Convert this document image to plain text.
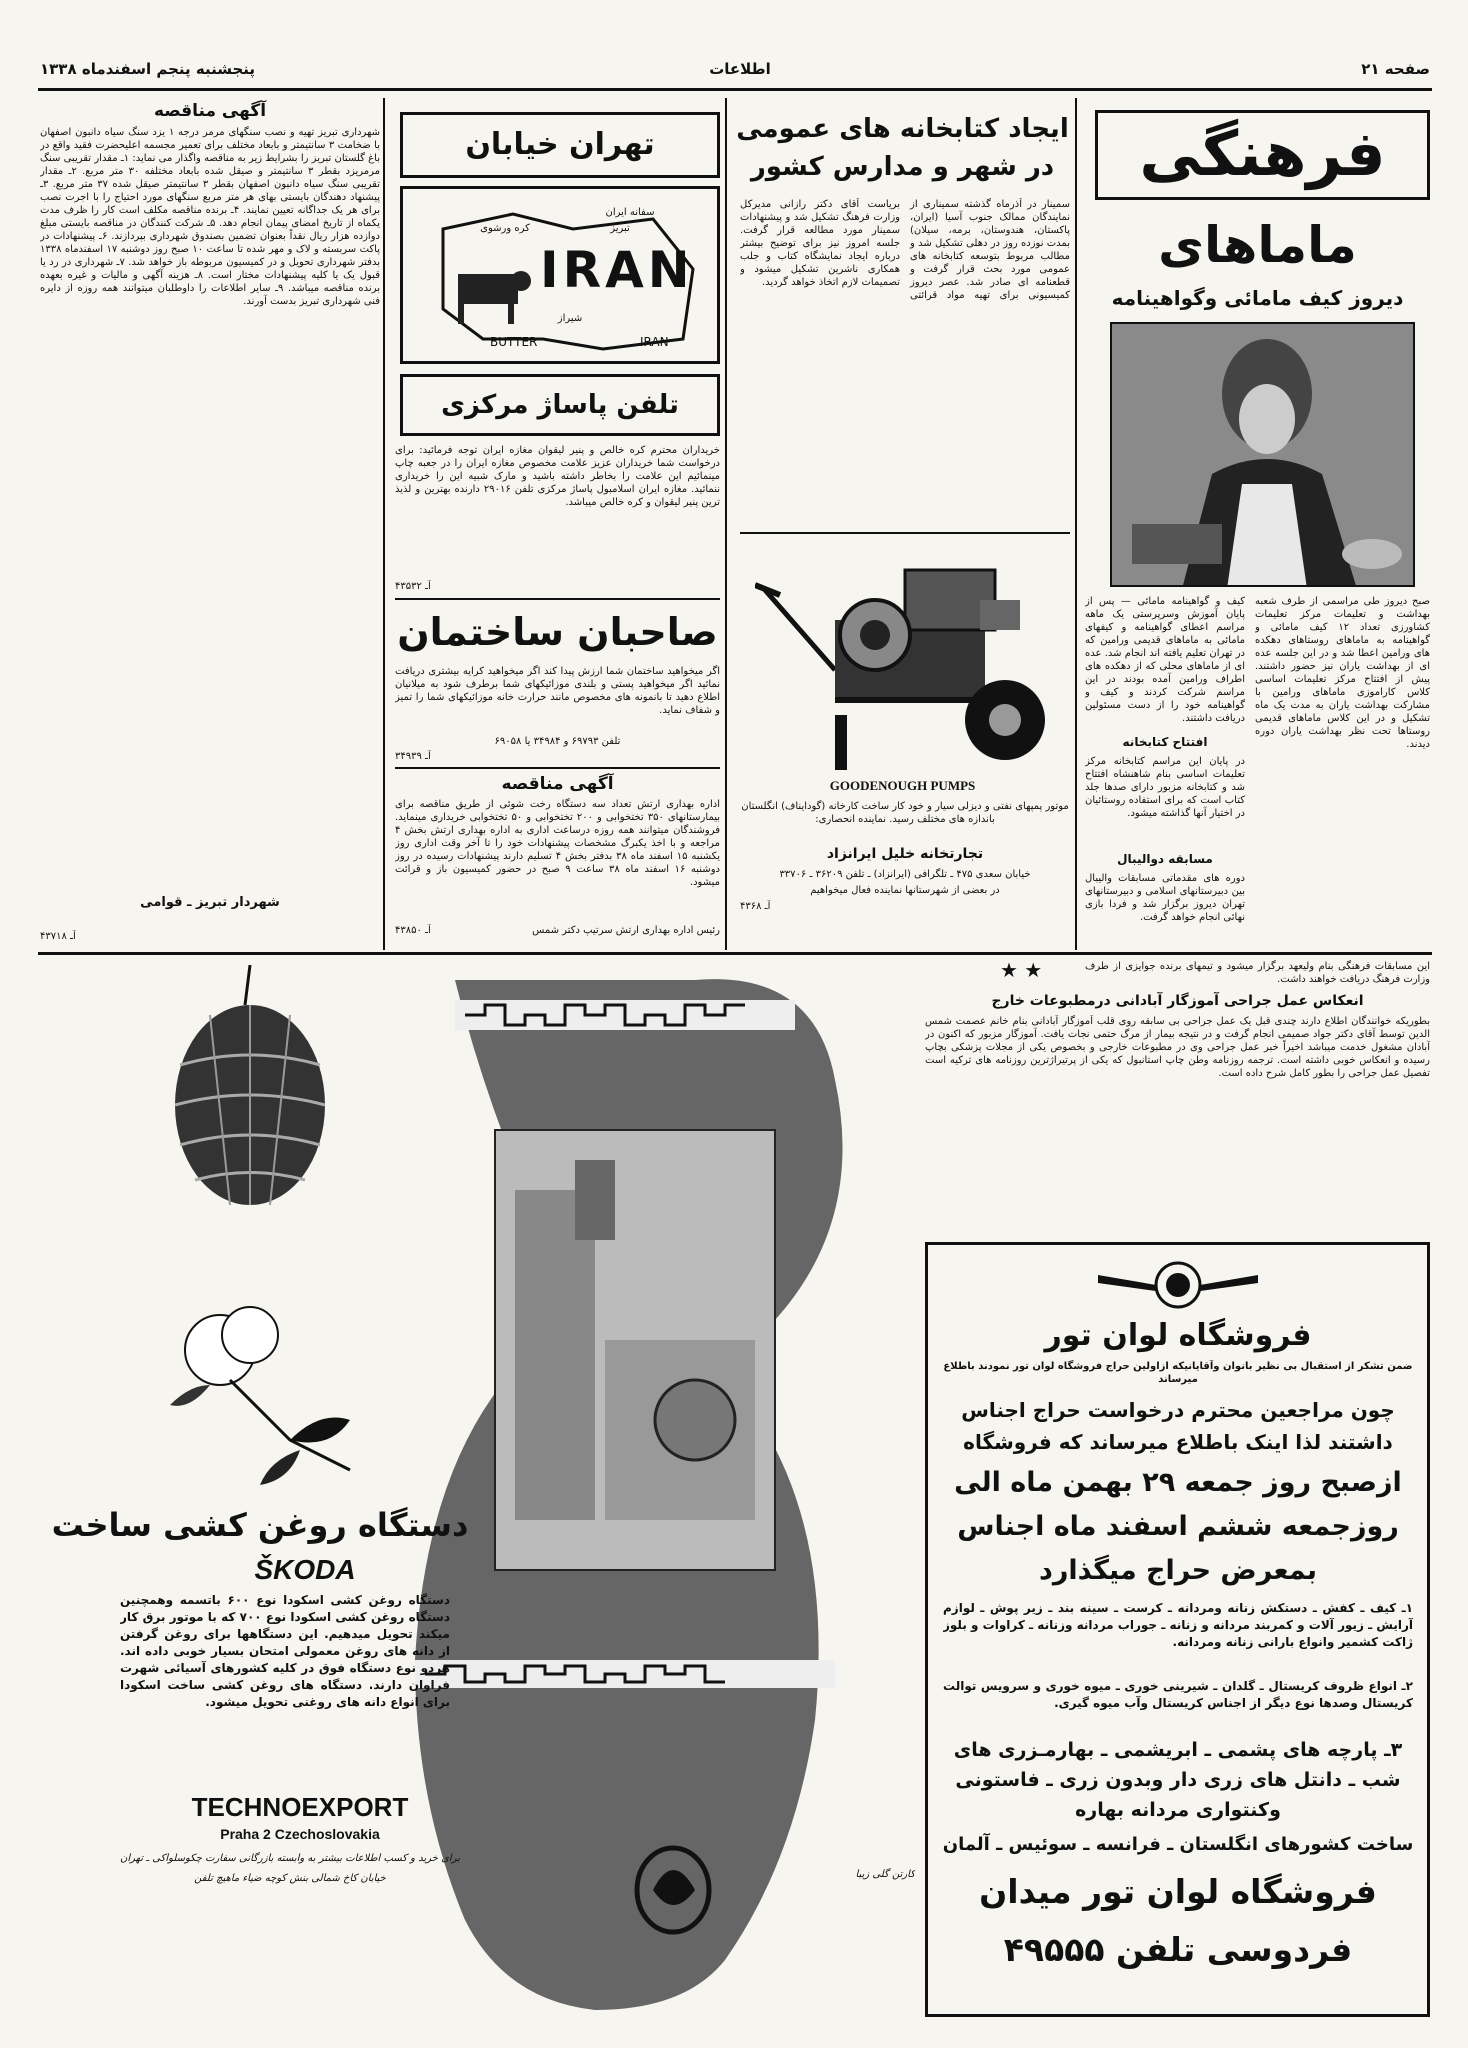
صفحه ۲۱
اطلاعات
پنجشنبه پنجم اسفندماه ۱۳۳۸
فرهنگی
ماماهای
دیروز کیف مامائی وگواهینامه
کیف و گواهینامه مامائی — پس از پایان آموزش وسرپرستی یک ماهه مراسم اعطای گواهینامه و کیفهای مامائی به ماماهای قدیمی ورامین که در تهران تعلیم یافته اند انجام شد. عده ای از ماماهای محلی که از دهکده های اطراف ورامین آمده بودند در این مراسم شرکت کردند و کیف و گواهینامه خود را از دست مسئولین دریافت داشتند.
صبح دیروز طی مراسمی از طرف شعبه بهداشت و تعلیمات مرکز تعلیمات کشاورزی تعداد ۱۲ کیف مامائی و گواهینامه به ماماهای روستاهای دهکده های ورامین اعطا شد و در این جلسه عده ای از بهداشت یاران نیز حضور داشتند. پیش از افتتاح مرکز تعلیمات اساسی کلاس کاراموزی ماماهای ورامین با مشارکت بهداشت یاران به مدت یک ماه تشکیل و در این کلاس ماماهای قدیمی روستاها تحت نظر بهداشت یاران دوره دیدند.
این مسابقات فرهنگی بنام ولیعهد برگزار میشود و تیمهای برنده جوایزی از طرف وزارت فرهنگ دریافت خواهند داشت.
ایجاد کتابخانه های عمومی در شهر و مدارس کشور
سمینار در آذرماه گذشته سمیناری از نمایندگان ممالک جنوب آسیا (ایران، پاکستان، هندوستان، برمه، سیلان) بمدت نوزده روز در دهلی تشکیل شد و مطالب مربوط بتوسعه کتابخانه های عمومی مورد بحث قرار گرفت و قطعنامه ای صادر شد. عصر دیروز کمیسیونی برای تهیه مواد قرائتی بریاست آقای دکتر رازانی مدیرکل وزارت فرهنگ تشکیل شد و پیشنهادات سمینار مورد مطالعه قرار گرفت. جلسه امروز نیز برای توضیح بیشتر درباره ایجاد نمایشگاه کتاب و جلب همکاری ناشرین تشکیل میشود و تصمیمات لازم اتخاذ خواهد گردید.
افتتاح کتابخانه
در پایان این مراسم کتابخانه مرکز تعلیمات اساسی بنام شاهنشاه افتتاح شد و کتابخانه مزبور دارای صدها جلد کتاب است که برای استفاده روستائیان در اختیار آنها گذاشته میشود.
مسابقه دوالیبال
دوره های مقدماتی مسابقات والیبال بین دبیرستانهای اسلامی و دبیرستانهای تهران دیروز برگزار شد و فردا بازی نهائی انجام خواهد گرفت.
GOODENOUGH PUMPS
موتور پمپهای نفتی و دیزلی سیار و خود کار ساخت کارخانه (گودایناف) انگلستان باندازه های مختلف رسید. نماینده انحصاری:
تجارتخانه خلیل ایرانزاد
خیابان سعدی ۴۷۵ ـ تلگرافی (ایرانزاد) ـ تلفن ۳۶۲۰۹ ـ ۳۳۷۰۶
در بعضی از شهرستانها نماینده فعال میخواهیم
آـ ۴۳۶۸
تهران خیابان
IRAN
BUTTER	IRAN
سفانه ایران
کره ورشوی	تبریز
شیراز
تلفن پاساژ مرکزی
خریداران محترم کره خالص و پنیر لیقوان مغازه ایران توجه فرمائید: برای درخواست شما خریداران عزیز علامت مخصوص مغازه ایران را در جعبه چاپ مینمائیم این علامت را بخاطر داشته باشید و مارک شبیه این را خریداری ننمائید. مغازه ایران اسلامبول پاساژ مرکزی تلفن ۲۹۰۱۶ دارنده بهترین و لذیذ ترین پنیر لیقوان و کره خالص میباشد.
آـ ۴۳۵۳۲
صاحبان ساختمان
اگر میخواهید ساختمان شما ارزش پیدا کند اگر میخواهید کرایه بیشتری دریافت نمائید اگر میخواهید پستی و بلندی موزائیکهای شما برطرف شود به میلانیان اطلاع دهید تا بانمونه های مخصوص مانند حرارت خانه موزائیکهای شما را تمیز و شفاف نماید.
تلفن ۶۹۷۹۳ و ۳۴۹۸۴ یا ۶۹۰۵۸
آـ ۳۴۹۳۹
آگهی مناقصه
اداره بهداری ارتش تعداد سه دستگاه رخت شوئی از طریق مناقصه برای بیمارستانهای ۳۵۰ تختخوابی و ۲۰۰ تختخوابی و ۵۰ تختخوابی خریداری مینماید. فروشندگان میتوانند همه روزه درساعت اداری به اداره بهداری ارتش بخش ۴ مراجعه و با اخذ یکبرگ مشخصات پیشنهادات خود را تا آخر وقت اداری روز یکشنبه ۱۵ اسفند ماه ۳۸ بدفتر بخش ۴ تسلیم دارند پیشنهادات رسیده در روز دوشنبه ۱۶ اسفند ماه ۳۸ ساعت ۹ صبح در حضور کمیسیون باز و قرائت میشود.
آـ ۴۳۸۵۰	رئیس اداره بهداری ارتش سرتیپ دکتر شمس
آگهی مناقصه
شهرداری تبریز تهیه و نصب سنگهای مرمر درجه ۱ یزد سنگ سیاه دانبون اصفهان با ضخامت ۳ سانتیمتر و بابعاد مختلف برای تعمیر مجسمه اعلیحضرت فقید واقع در باغ گلستان تبریز را بشرایط زیر به مناقصه واگذار می نماید: ۱ـ مقدار تقریبی سنگ مرمریزد بقطر ۳ سانتیمتر و صیقل شده بابعاد مختلفه ۳۰ متر مربع. ۲ـ مقدار تقریبی سنگ سیاه دانبون اصفهان بقطر ۳ سانتیمتر صیقل شده ۳۷ متر مربع. ۳ـ پیشنهاد دهندگان بایستی بهای هر متر مربع سنگهای مورد احتیاج را با اجرت نصب برای هر یک جداگانه تعیین نمایند. ۴ـ برنده مناقصه مکلف است کار را ظرف مدت یکماه از تاریخ امضای پیمان انجام دهد. ۵ـ شرکت کنندگان در مناقصه بایستی مبلغ دوازده هزار ریال نقداً بعنوان تضمین بصندوق شهرداری بپردازند. ۶ـ پیشنهادات در پاکت سربسته و لاک و مهر شده تا ساعت ۱۰ صبح روز دوشنبه ۱۷ اسفندماه ۱۳۳۸ بدفتر شهرداری تحویل و در کمیسیون مربوطه باز خواهد شد. ۷ـ شهرداری در رد یا قبول یک یا کلیه پیشنهادات مختار است. ۸ـ هزینه آگهی و مالیات و غیره بعهده برنده مناقصه میباشد. ۹ـ سایر اطلاعات را داوطلبان میتوانند همه روزه از دایره فنی شهرداری تبریز بدست آورند.
شهردار تبریز ـ قوامی
آـ ۴۳۷۱۸
★ ★
انعکاس عمل جراحی آموزگار آبادانی درمطبوعات خارج
بطوریکه خوانندگان اطلاع دارند چندی قبل یک عمل جراحی بی سابقه روی قلب آموزگار آبادانی بنام خانم عصمت شمس الدین توسط آقای دکتر جواد صمیمی انجام گرفت و در نتیجه بیمار از مرگ حتمی نجات یافت. آموزگار مزبور که اکنون در آبادان مشغول خدمت میباشد اخیراً خبر عمل جراحی وی در مطبوعات خارجی و بخصوص یکی از مجلات پزشکی بچاپ رسیده و انعکاس خوبی داشته است. ترجمه روزنامه وطن چاپ استانبول که یکی از پرتیراژترین روزنامه های ترکیه است تفصیل عمل جراحی را بطور کامل شرح داده است.
فروشگاه لوان تور
ضمن تشکر از استقبال بی نظیر بانوان وآقایانیکه ازاولین حراج فروشگاه لوان تور نمودند باطلاع میرساند
چون مراجعین محترم درخواست حراج اجناس
داشتند لذا اینک باطلاع میرساند که فروشگاه
ازصبح روز جمعه ۲۹ بهمن ماه الی
روزجمعه ششم اسفند ماه اجناس
بمعرض حراج میگذارد
۱ـ کیف ـ کفش ـ دستکش زنانه ومردانه ـ کرست ـ سینه بند ـ زیر پوش ـ لوازم آرایش ـ زیور آلات و کمربند مردانه و زنانه ـ جوراب مردانه وزنانه ـ کراوات و بلوز ژاکت کشمیر وانواع بارانی زنانه ومردانه.
۲ـ انواع ظروف کریستال ـ گلدان ـ شیرینی خوری ـ میوه خوری و سرویس توالت کریستال وصدها نوع دیگر از اجناس کریستال وآب میوه گیری.
۳ـ پارچه های پشمی ـ ابریشمی ـ بهارمـزری های
شب ـ دانتل های زری دار وبدون زری ـ فاستونی
وکنتواری مردانه بهاره
ساخت کشورهای انگلستان ـ فرانسه ـ سوئیس ـ آلمان
فروشگاه لوان تور میدان
فردوسی تلفن ۴۹۵۵۵
دستگاه روغن کشی ساخت
ŠKODA
دستگاه روغن کشی اسکودا نوع ۶۰۰ باتسمه وهمچنین دستگاه روغن کشی اسکودا نوع ۷۰۰ که با موتور برق کار میکند تحویل میدهیم. این دستگاهها برای روغن گرفتن از دانه های روغن معمولی امتحان بسیار خوبی داده اند. هردو نوع دستگاه فوق در کلیه کشورهای آسیائی شهرت فراوان دارند. دستگاه های روغن کشی ساخت اسکودا برای انواع دانه های روغنی تحویل میشود.
TECHNOEXPORT
Praha 2 Czechoslovakia
برای خرید و کسب اطلاعات بیشتر به وابسته بازرگانی سفارت چکوسلواکی ـ تهران
خیابان کاخ شمالی بنش کوچه ضیاء ماهیچ تلفن	کارتن گلی زیبا
